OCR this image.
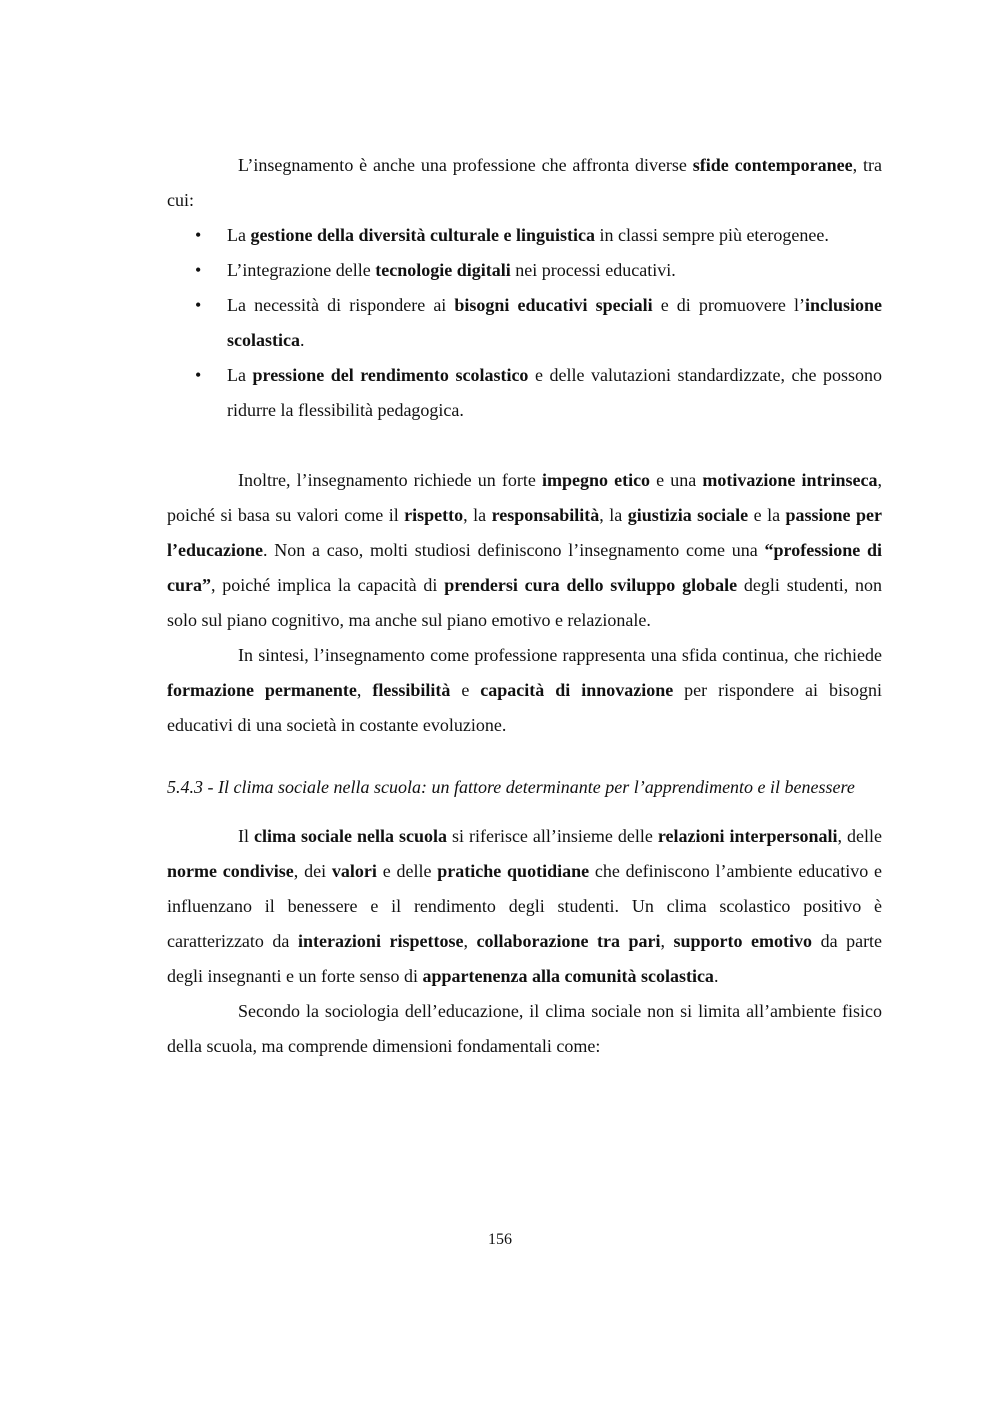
L’insegnamento è anche una professione che affronta diverse sfide contemporanee, tra cui:

• La gestione della diversità culturale e linguistica in classi sempre più eterogenee.
• L’integrazione delle tecnologie digitali nei processi educativi.
• La necessità di rispondere ai bisogni educativi speciali e di promuovere l’inclusione scolastica.
• La pressione del rendimento scolastico e delle valutazioni standardizzate, che possono ridurre la flessibilità pedagogica.

Inoltre, l’insegnamento richiede un forte impegno etico e una motivazione intrinseca, poiché si basa su valori come il rispetto, la responsabilità, la giustizia sociale e la passione per l’educazione. Non a caso, molti studiosi definiscono l’insegnamento come una “professione di cura”, poiché implica la capacità di prendersi cura dello sviluppo globale degli studenti, non solo sul piano cognitivo, ma anche sul piano emotivo e relazionale.

In sintesi, l’insegnamento come professione rappresenta una sfida continua, che richiede formazione permanente, flessibilità e capacità di innovazione per rispondere ai bisogni educativi di una società in costante evoluzione.

5.4.3 - Il clima sociale nella scuola: un fattore determinante per l’apprendimento e il benessere

Il clima sociale nella scuola si riferisce all’insieme delle relazioni interpersonali, delle norme condivise, dei valori e delle pratiche quotidiane che definiscono l’ambiente educativo e influenzano il benessere e il rendimento degli studenti. Un clima scolastico positivo è caratterizzato da interazioni rispettose, collaborazione tra pari, supporto emotivo da parte degli insegnanti e un forte senso di appartenenza alla comunità scolastica.

Secondo la sociologia dell’educazione, il clima sociale non si limita all’ambiente fisico della scuola, ma comprende dimensioni fondamentali come:

156
